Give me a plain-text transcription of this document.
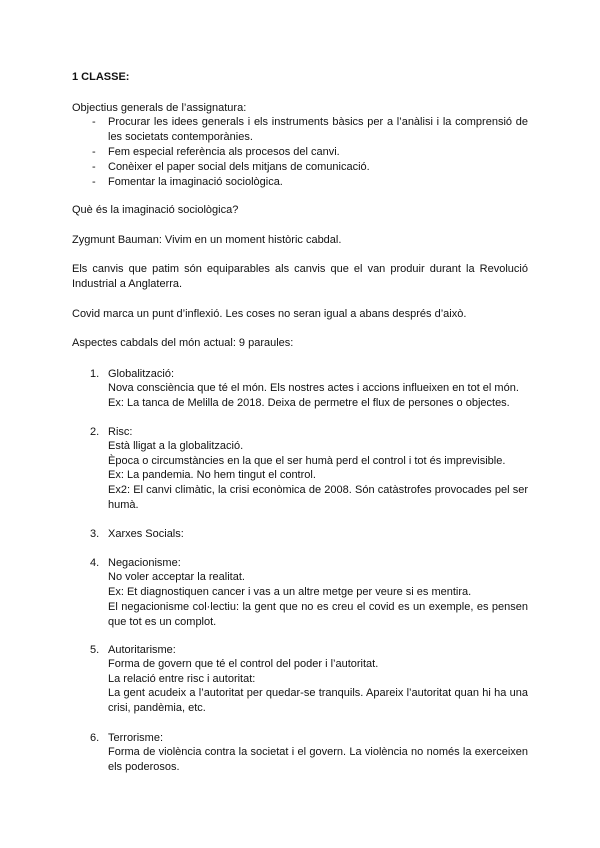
1 CLASSE:
Objectius generals de l’assignatura:
- Procurar les idees generals i els instruments bàsics per a l’anàlisi i la comprensió de les societats contemporànies.
- Fem especial referència als procesos del canvi.
- Conèixer el paper social dels mitjans de comunicació.
- Fomentar la imaginació sociològica.
Què és la imaginació sociològica?
Zygmunt Bauman: Vivim en un moment històric cabdal.
Els canvis que patim són equiparables als canvis que el van produir durant la Revolució Industrial a Anglaterra.
Covid marca un punt d’inflexió. Les coses no seran igual a abans després d’això.
Aspectes cabdals del món actual: 9 paraules:
1. Globalització:
Nova consciència que té el món. Els nostres actes i accions influeixen en tot el món.
Ex: La tanca de Melilla de 2018. Deixa de permetre el flux de persones o objectes.
2. Risc:
Està lligat a la globalització.
Època o circumstàncies en la que el ser humà perd el control i tot és imprevisible.
Ex: La pandemia. No hem tingut el control.
Ex2: El canvi climàtic, la crisi econòmica de 2008. Són catàstrofes provocades pel ser humà.
3. Xarxes Socials:
4. Negacionisme:
No voler acceptar la realitat.
Ex: Et diagnostiquen cancer i vas a un altre metge per veure si es mentira.
El negacionisme col·lectiu: la gent que no es creu el covid es un exemple, es pensen que tot es un complot.
5. Autoritarisme:
Forma de govern que té el control del poder i l’autoritat.
La relació entre risc i autoritat:
La gent acudeix a l’autoritat per quedar-se tranquils. Apareix l’autoritat quan hi ha una crisi, pandèmia, etc.
6. Terrorisme:
Forma de violència contra la societat i el govern. La violència no només la exerceixen els poderosos.
